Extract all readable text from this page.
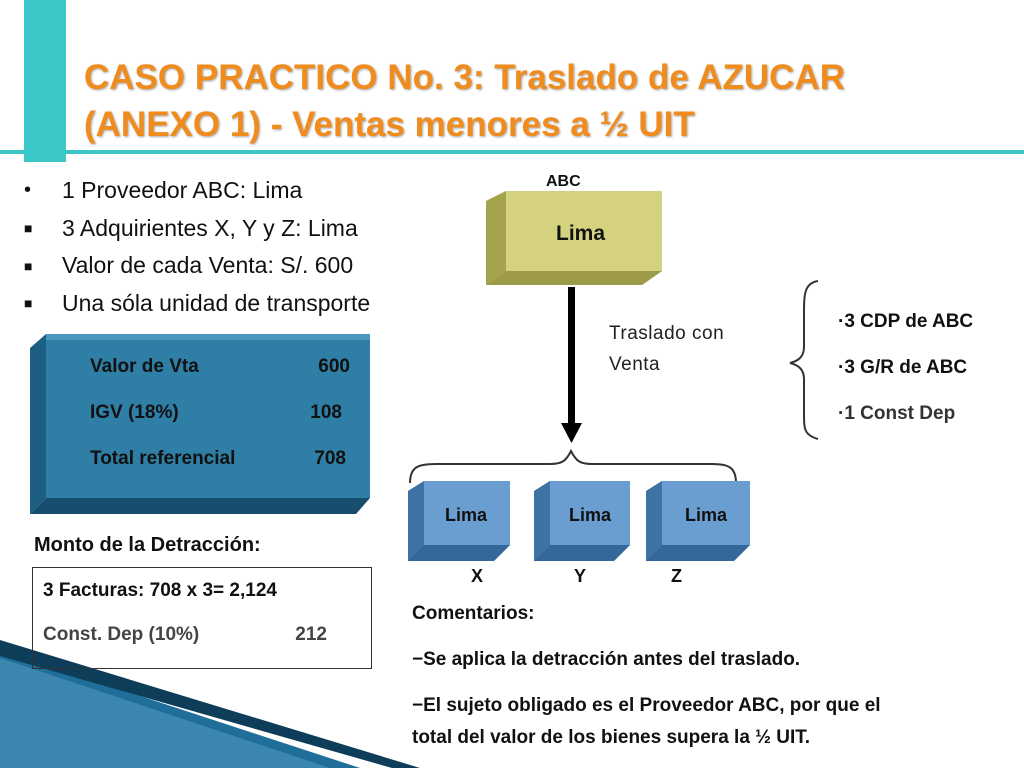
CASO PRACTICO No. 3: Traslado de AZUCAR
(ANEXO 1) - Ventas menores a ½ UIT
•	1 Proveedor ABC: Lima
■	3 Adquirientes X, Y y Z: Lima
■	Valor de cada Venta: S/. 600
■	Una sóla unidad de transporte
Valor de Vta	600
IGV (18%)	108
Total referencial	708
Monto de la Detracción:
3 Facturas: 708 x 3= 2,124
Const. Dep (10%)	212
ABC
Lima
Traslado con
Venta
·3 CDP de ABC
·3 G/R de ABC
·1 Const Dep
Lima	Lima	Lima
X	Y	Z
Comentarios:
−Se aplica la detracción antes del traslado.
−El sujeto obligado es el Proveedor ABC, por que el
total del valor de los bienes supera la ½ UIT.
